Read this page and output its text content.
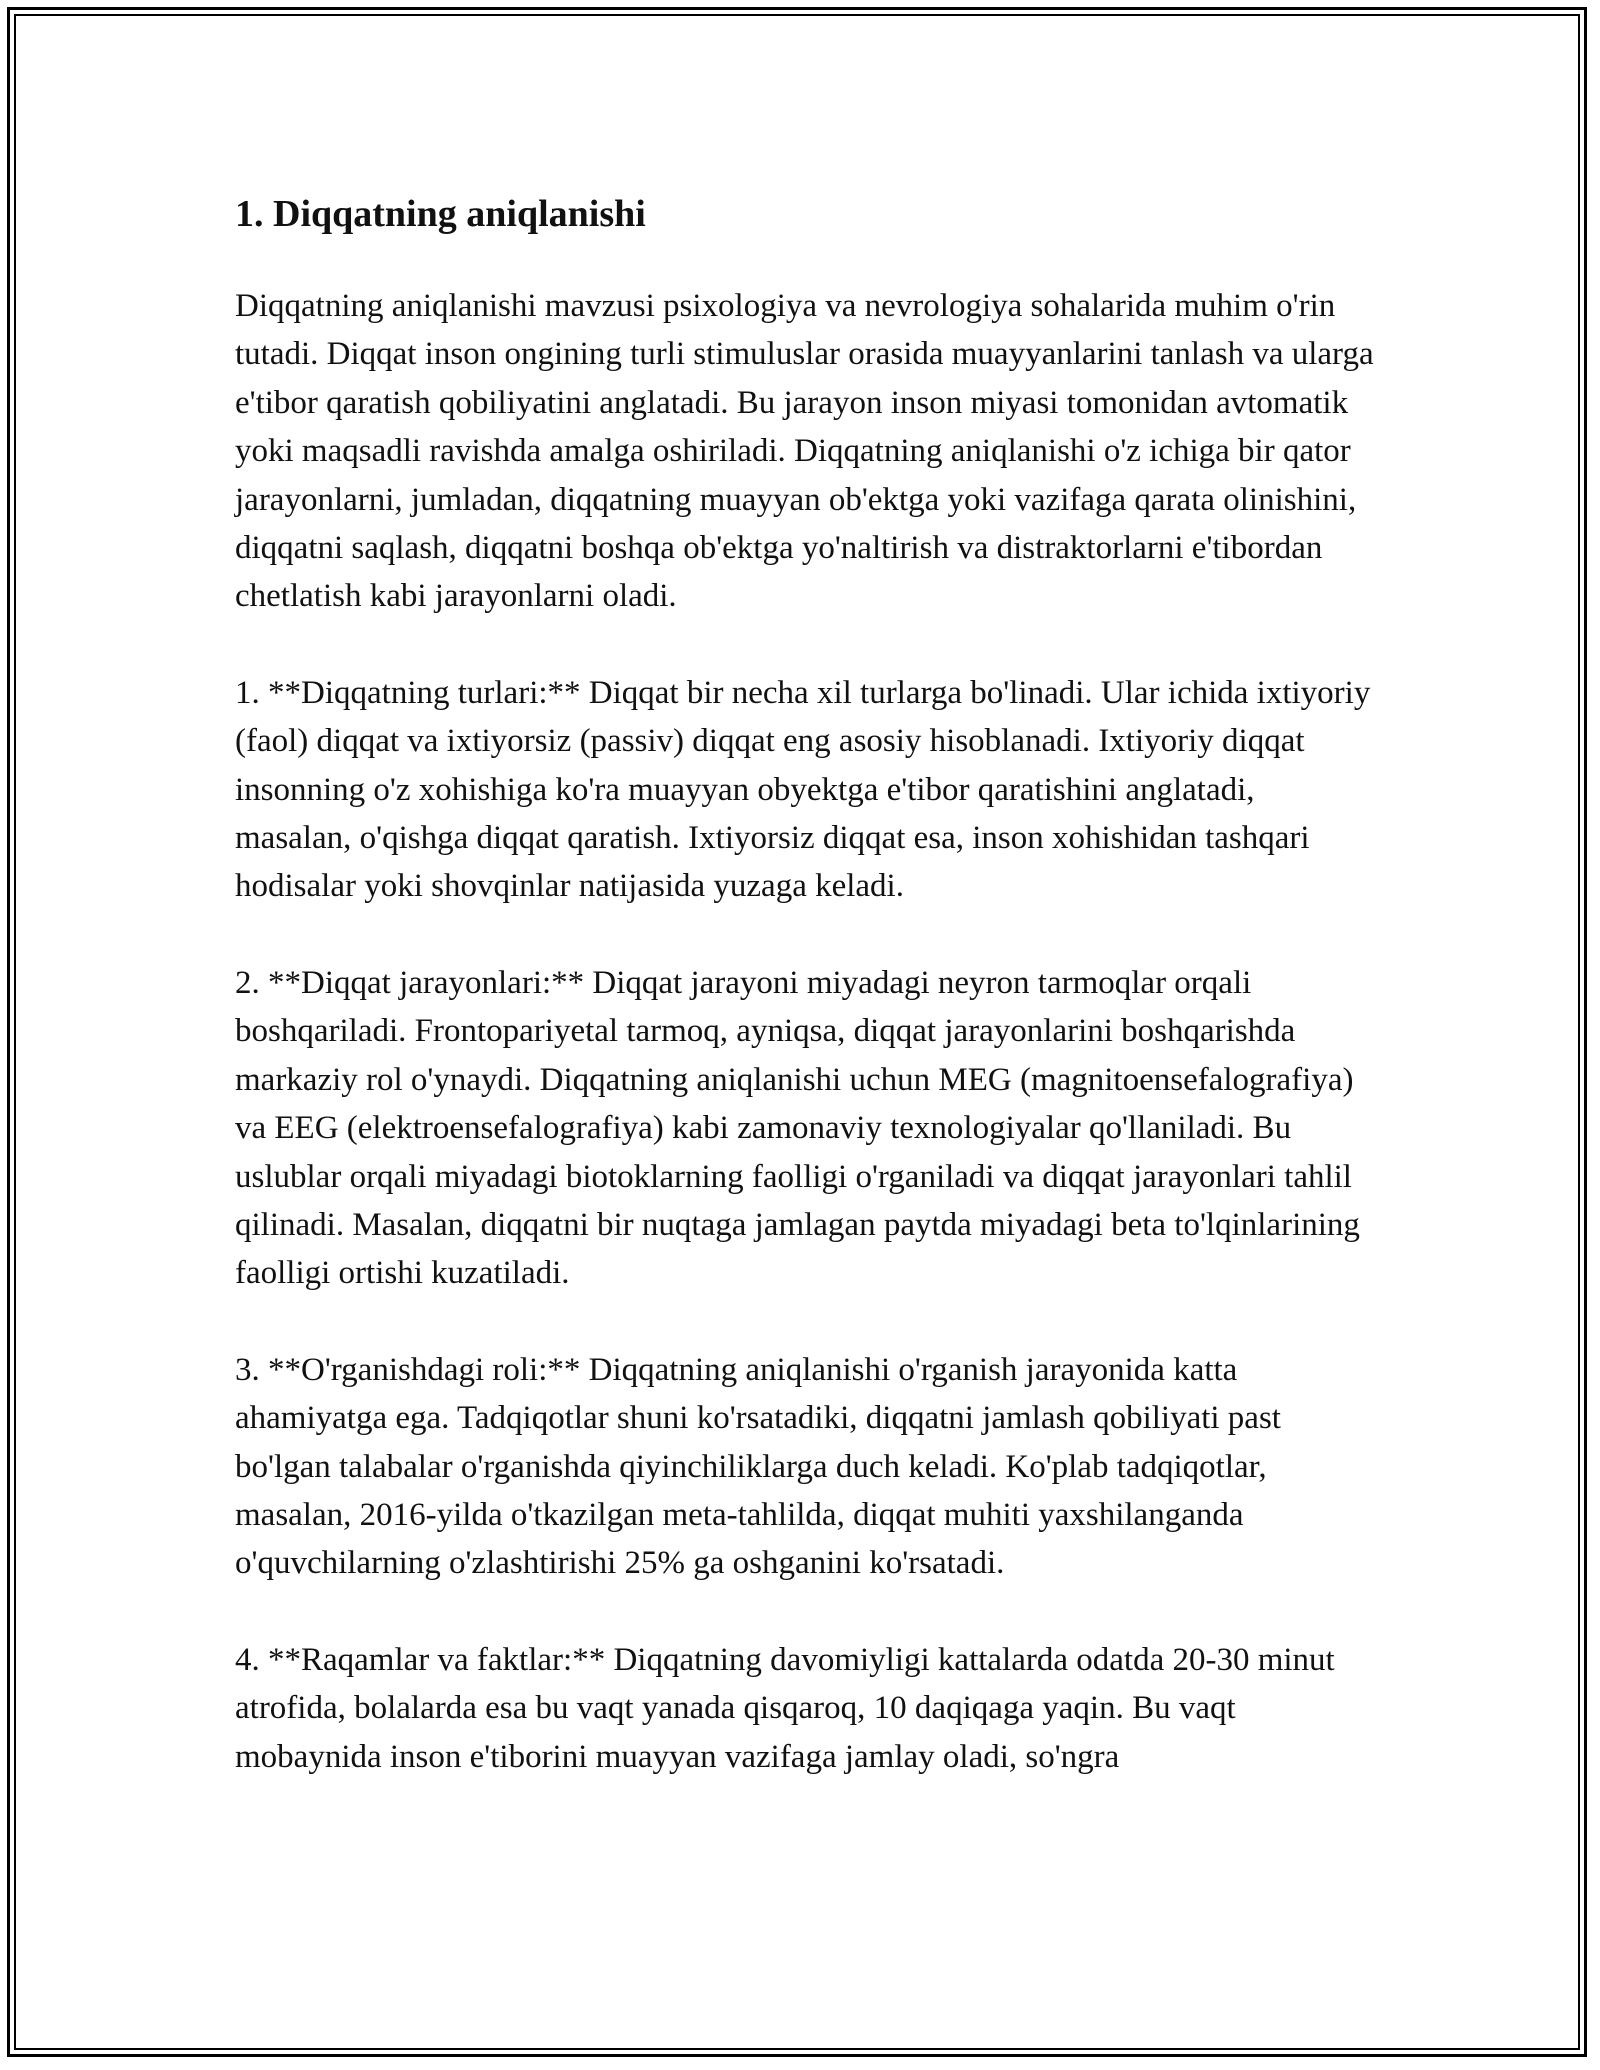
1. Diqqatning aniqlanishi

Diqqatning aniqlanishi mavzusi psixologiya va nevrologiya sohalarida muhim o'rin tutadi. Diqqat inson ongining turli stimuluslar orasida muayyanlarini tanlash va ularga e'tibor qaratish qobiliyatini anglatadi. Bu jarayon inson miyasi tomonidan avtomatik yoki maqsadli ravishda amalga oshiriladi. Diqqatning aniqlanishi o'z ichiga bir qator jarayonlarni, jumladan, diqqatning muayyan ob'ektga yoki vazifaga qarata olinishini, diqqatni saqlash, diqqatni boshqa ob'ektga yo'naltirish va distraktorlarni e'tibordan chetlatish kabi jarayonlarni oladi.

1. **Diqqatning turlari:** Diqqat bir necha xil turlarga bo'linadi. Ular ichida ixtiyoriy (faol) diqqat va ixtiyorsiz (passiv) diqqat eng asosiy hisoblanadi. Ixtiyoriy diqqat insonning o'z xohishiga ko'ra muayyan obyektga e'tibor qaratishini anglatadi, masalan, o'qishga diqqat qaratish. Ixtiyorsiz diqqat esa, inson xohishidan tashqari hodisalar yoki shovqinlar natijasida yuzaga keladi.

2. **Diqqat jarayonlari:** Diqqat jarayoni miyadagi neyron tarmoqlar orqali boshqariladi. Frontopariyetal tarmoq, ayniqsa, diqqat jarayonlarini boshqarishda markaziy rol o'ynaydi. Diqqatning aniqlanishi uchun MEG (magnitoensefalografiya) va EEG (elektroensefalografiya) kabi zamonaviy texnologiyalar qo'llaniladi. Bu uslublar orqali miyadagi biotoklarning faolligi o'rganiladi va diqqat jarayonlari tahlil qilinadi. Masalan, diqqatni bir nuqtaga jamlagan paytda miyadagi beta to'lqinlarining faolligi ortishi kuzatiladi.

3. **O'rganishdagi roli:** Diqqatning aniqlanishi o'rganish jarayonida katta ahamiyatga ega. Tadqiqotlar shuni ko'rsatadiki, diqqatni jamlash qobiliyati past bo'lgan talabalar o'rganishda qiyinchiliklarga duch keladi. Ko'plab tadqiqotlar, masalan, 2016-yilda o'tkazilgan meta-tahlilda, diqqat muhiti yaxshilanganda o'quvchilarning o'zlashtirishi 25% ga oshganini ko'rsatadi.

4. **Raqamlar va faktlar:** Diqqatning davomiyligi kattalarda odatda 20-30 minut atrofida, bolalarda esa bu vaqt yanada qisqaroq, 10 daqiqaga yaqin. Bu vaqt mobaynida inson e'tiborini muayyan vazifaga jamlay oladi, so'ngra
